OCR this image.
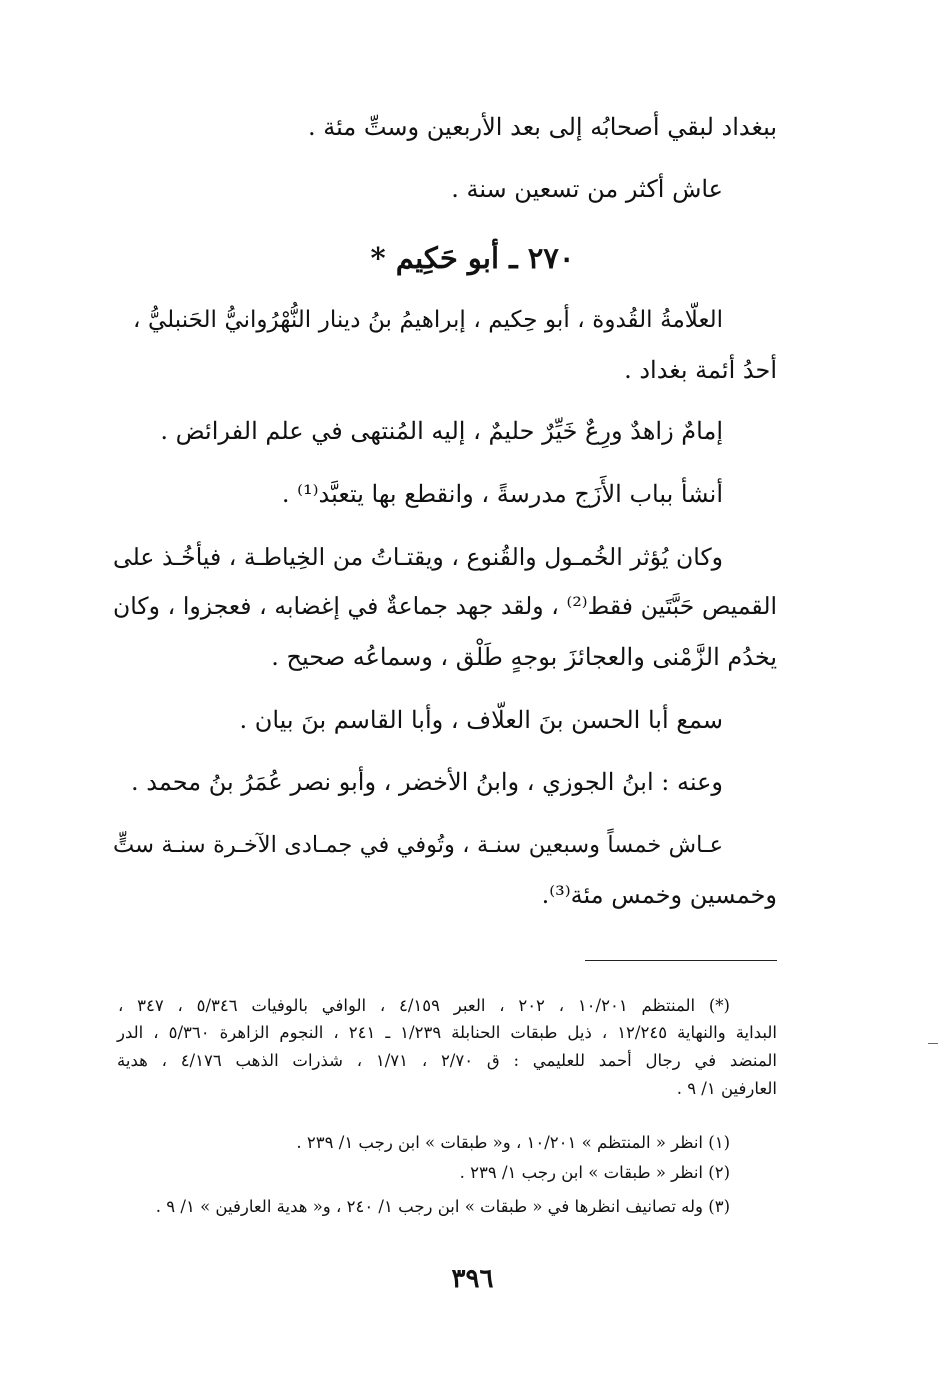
ببغداد لبقي أصحابُه إلى بعد الأربعين وستِّ مئة .
عاش أكثر من تسعين سنة .
٢٧٠ ـ أبو حَكِيم *
العلّامةُ القُدوة ، أبو حِكيم ، إبراهيمُ بنُ دينار النُّهْرُوانيُّ الحَنبليُّ ،
أحدُ أئمة بغداد .
إمامٌ زاهدٌ ورِعٌ خَيِّرٌ حليمٌ ، إليه المُنتهى في علم الفرائض .
أنشأ بباب الأَزَج مدرسةً ، وانقطع بها يتعبَّد⁽¹⁾ .
وكان يُؤثر الخُمـول والقُنوع ، ويقتـاتُ من الخِياطـة ، فيأخُـذ على
القميص حَبَّتَين فقط⁽²⁾ ، ولقد جهد جماعةٌ في إغضابه ، فعجزوا ، وكان
يخدُم الزَّمْنى والعجائزَ بوجهٍ طَلْق ، وسماعُه صحيح .
سمع أبا الحسن بنَ العلّاف ، وأبا القاسم بنَ بيان .
وعنه : ابنُ الجوزي ، وابنُ الأخضر ، وأبو نصر عُمَرُ بنُ محمد .
عـاش خمساً وسبعين سنـة ، وتُوفي في جمـادى الآخـرة سنـة ستٍّ
وخمسين وخمس مئة⁽³⁾.
(*) المنتظم ١٠/٢٠١ ، ٢٠٢ ، العبر ٤/١٥٩ ، الوافي بالوفيات ٥/٣٤٦ ، ٣٤٧ ،
البداية والنهاية ١٢/٢٤٥ ، ذيل طبقات الحنابلة ١/٢٣٩ ـ ٢٤١ ، النجوم الزاهرة ٥/٣٦٠ ، الدر
المنضد في رجال أحمد للعليمي : ق ٢/٧٠ ، ١/٧١ ، شذرات الذهب ٤/١٧٦ ، هدية
العارفين ١/ ٩ .
(١) انظر « المنتظم » ١٠/٢٠١ ، و« طبقات » ابن رجب ١/ ٢٣٩ .
(٢) انظر « طبقات » ابن رجب ١/ ٢٣٩ .
(٣) وله تصانيف انظرها في « طبقات » ابن رجب ١/ ٢٤٠ ، و« هدية العارفين » ١/ ٩ .
٣٩٦
